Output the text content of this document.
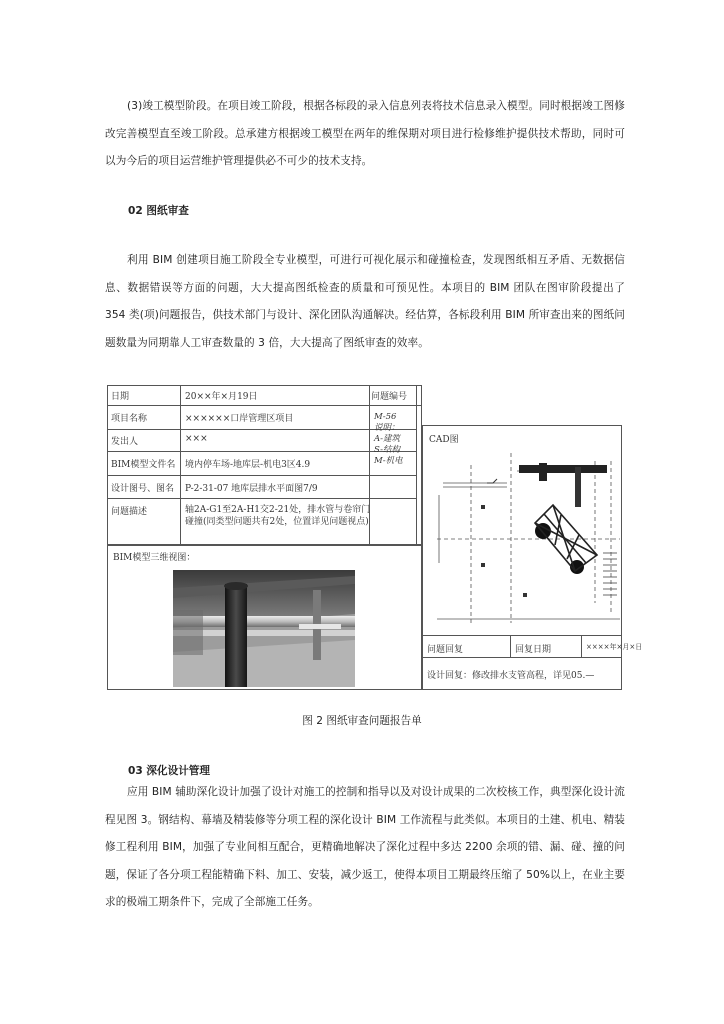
(3)竣工模型阶段。在项目竣工阶段，根据各标段的录入信息列表将技术信息录入模型。同时根据竣工图修改完善模型直至竣工阶段。总承建方根据竣工模型在两年的维保期对项目进行检修维护提供技术帮助，同时可以为今后的项目运营维护管理提供必不可少的技术支持。

02 图纸审查

利用 BIM 创建项目施工阶段全专业模型，可进行可视化展示和碰撞检查，发现图纸相互矛盾、无数据信息、数据错误等方面的问题，大大提高图纸检查的质量和可预见性。本项目的 BIM 团队在图审阶段提出了 354 类(项)问题报告，供技术部门与设计、深化团队沟通解决。经估算，各标段利用 BIM 所审查出来的图纸问题数量为同期靠人工审查数量的 3 倍，大大提高了图纸审查的效率。

日期	20××年×月19日
项目名称	××××××口岸管理区项目
发出人	×××
BIM模型文件名	境内停车场-地库层-机电3区4.9
设计图号、图名	P-2-31-07 地库层排水平面图7/9
问题描述	轴2A-G1至2A-H1交2-21处，排水管与卷帘门碰撞(同类型问题共有2处，位置详见问题视点)
问题编号
M-56
说明：
A-建筑
S-结构
M-机电
BIM模型三维视图：
CAD图
问题回复	回复日期	××××年×月×日
设计回复：修改排水支管高程，详见05.—

图 2 图纸审查问题报告单

03 深化设计管理

应用 BIM 辅助深化设计加强了设计对施工的控制和指导以及对设计成果的二次校核工作，典型深化设计流程见图 3。钢结构、幕墙及精装修等分项工程的深化设计 BIM 工作流程与此类似。本项目的土建、机电、精装修工程利用 BIM，加强了专业间相互配合，更精确地解决了深化过程中多达 2200 余项的错、漏、碰、撞的问题，保证了各分项工程能精确下料、加工、安装，减少返工，使得本项目工期最终压缩了 50%以上，在业主要求的极端工期条件下，完成了全部施工任务。
